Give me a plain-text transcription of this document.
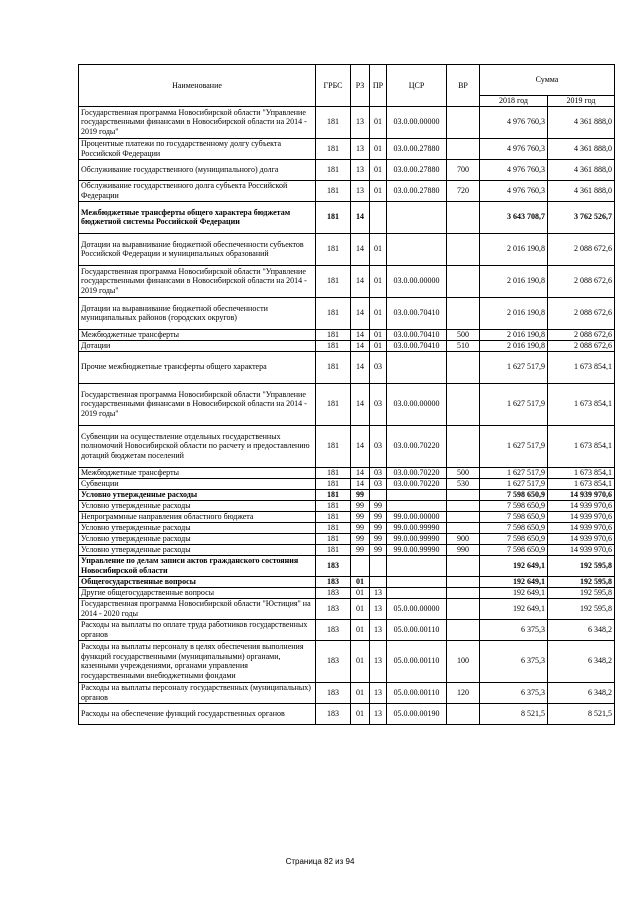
Наименование	ГРБС	РЗ	ПР	ЦСР	ВР	Сумма	
						2018 год	2019 год
Государственная программа Новосибирской области "Управление государственными финансами в Новосибирской области на 2014 - 2019 годы"	181	13	01	03.0.00.00000		4 976 760,3	4 361 888,0
Процентные платежи по государственному долгу субъекта Российской Федерации	181	13	01	03.0.00.27880		4 976 760,3	4 361 888,0
Обслуживание государственного (муниципального) долга	181	13	01	03.0.00.27880	700	4 976 760,3	4 361 888,0
Обслуживание государственного долга субъекта Российской Федерации	181	13	01	03.0.00.27880	720	4 976 760,3	4 361 888,0
Межбюджетные трансферты общего характера бюджетам бюджетной системы Российской Федерации	181	14				3 643 708,7	3 762 526,7
Дотации на выравнивание бюджетной обеспеченности субъектов Российской Федерации и муниципальных образований	181	14	01			2 016 190,8	2 088 672,6
Государственная программа Новосибирской области "Управление государственными финансами в Новосибирской области на 2014 - 2019 годы"	181	14	01	03.0.00.00000		2 016 190,8	2 088 672,6
Дотации на выравнивание бюджетной обеспеченности муниципальных районов (городских округов)	181	14	01	03.0.00.70410		2 016 190,8	2 088 672,6
Межбюджетные трансферты	181	14	01	03.0.00.70410	500	2 016 190,8	2 088 672,6
Дотации	181	14	01	03.0.00.70410	510	2 016 190,8	2 088 672,6
Прочие межбюджетные трансферты общего характера	181	14	03			1 627 517,9	1 673 854,1
Государственная программа Новосибирской области "Управление государственными финансами в Новосибирской области на 2014 - 2019 годы"	181	14	03	03.0.00.00000		1 627 517,9	1 673 854,1
Субвенции на осуществление отдельных государственных полномочий Новосибирской области по расчету и предоставлению дотаций бюджетам поселений	181	14	03	03.0.00.70220		1 627 517,9	1 673 854,1
Межбюджетные трансферты	181	14	03	03.0.00.70220	500	1 627 517,9	1 673 854,1
Субвенции	181	14	03	03.0.00.70220	530	1 627 517,9	1 673 854,1
Условно утвержденные расходы	181	99				7 598 650,9	14 939 970,6
Условно утвержденные расходы	181	99	99			7 598 650,9	14 939 970,6
Непрограммные направления областного бюджета	181	99	99	99.0.00.00000		7 598 650,9	14 939 970,6
Условно утвержденные расходы	181	99	99	99.0.00.99990		7 598 650,9	14 939 970,6
Условно утвержденные расходы	181	99	99	99.0.00.99990	900	7 598 650,9	14 939 970,6
Условно утвержденные расходы	181	99	99	99.0.00.99990	990	7 598 650,9	14 939 970,6
Управление по делам записи актов гражданского состояния Новосибирской области	183					192 649,1	192 595,8
Общегосударственные вопросы	183	01				192 649,1	192 595,8
Другие общегосударственные вопросы	183	01	13			192 649,1	192 595,8
Государственная программа Новосибирской области "Юстиция" на 2014 - 2020 годы	183	01	13	05.0.00.00000		192 649,1	192 595,8
Расходы на выплаты по оплате труда работников государственных органов	183	01	13	05.0.00.00110		6 375,3	6 348,2
Расходы на выплаты персоналу в целях обеспечения выполнения функций государственными (муниципальными) органами, казенными учреждениями, органами управления государственными внебюджетными фондами	183	01	13	05.0.00.00110	100	6 375,3	6 348,2
Расходы на выплаты персоналу государственных (муниципальных) органов	183	01	13	05.0.00.00110	120	6 375,3	6 348,2
Расходы на обеспечение функций государственных органов	183	01	13	05.0.00.00190		8 521,5	8 521,5
Страница 82 из 94
